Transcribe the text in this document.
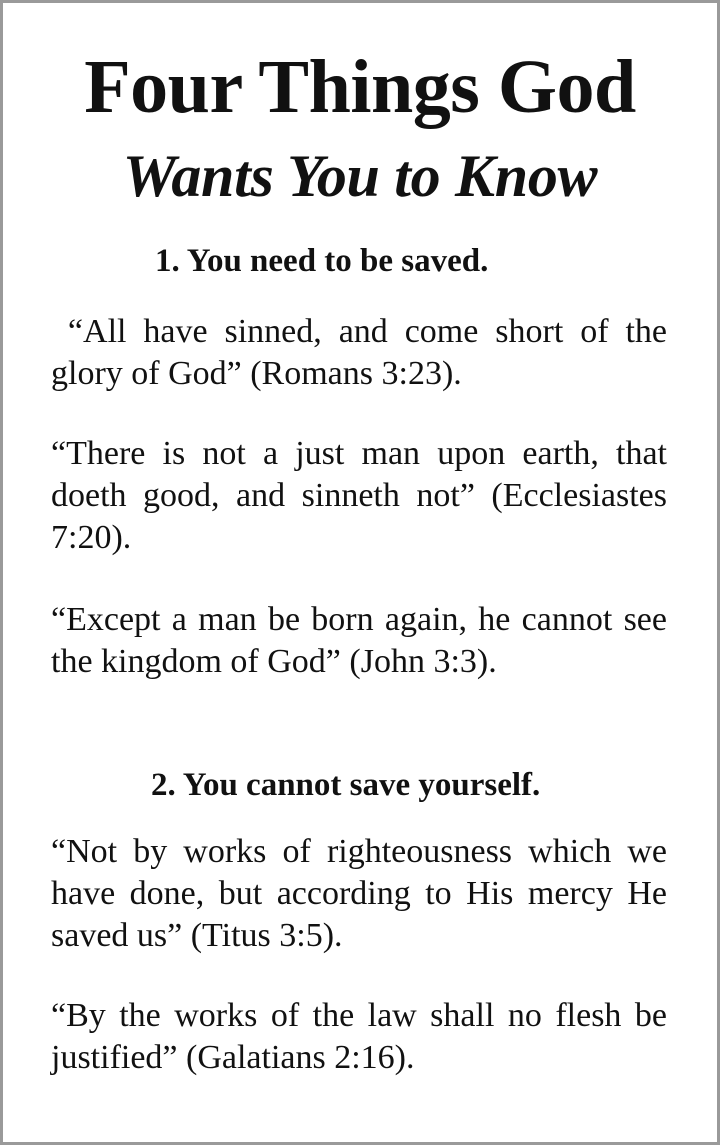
Four Things God
Wants You to Know
1. You need to be saved.
“All have sinned, and come short of the glory of God” (Romans 3:23).
“There is not a just man upon earth, that doeth good, and sinneth not” (Ecclesiastes 7:20).
“Except a man be born again, he cannot see the kingdom of God” (John 3:3).
2. You cannot save yourself.
“Not by works of righteousness which we have done, but according to His mercy He saved us” (Titus 3:5).
“By the works of the law shall no flesh be justified” (Galatians 2:16).
